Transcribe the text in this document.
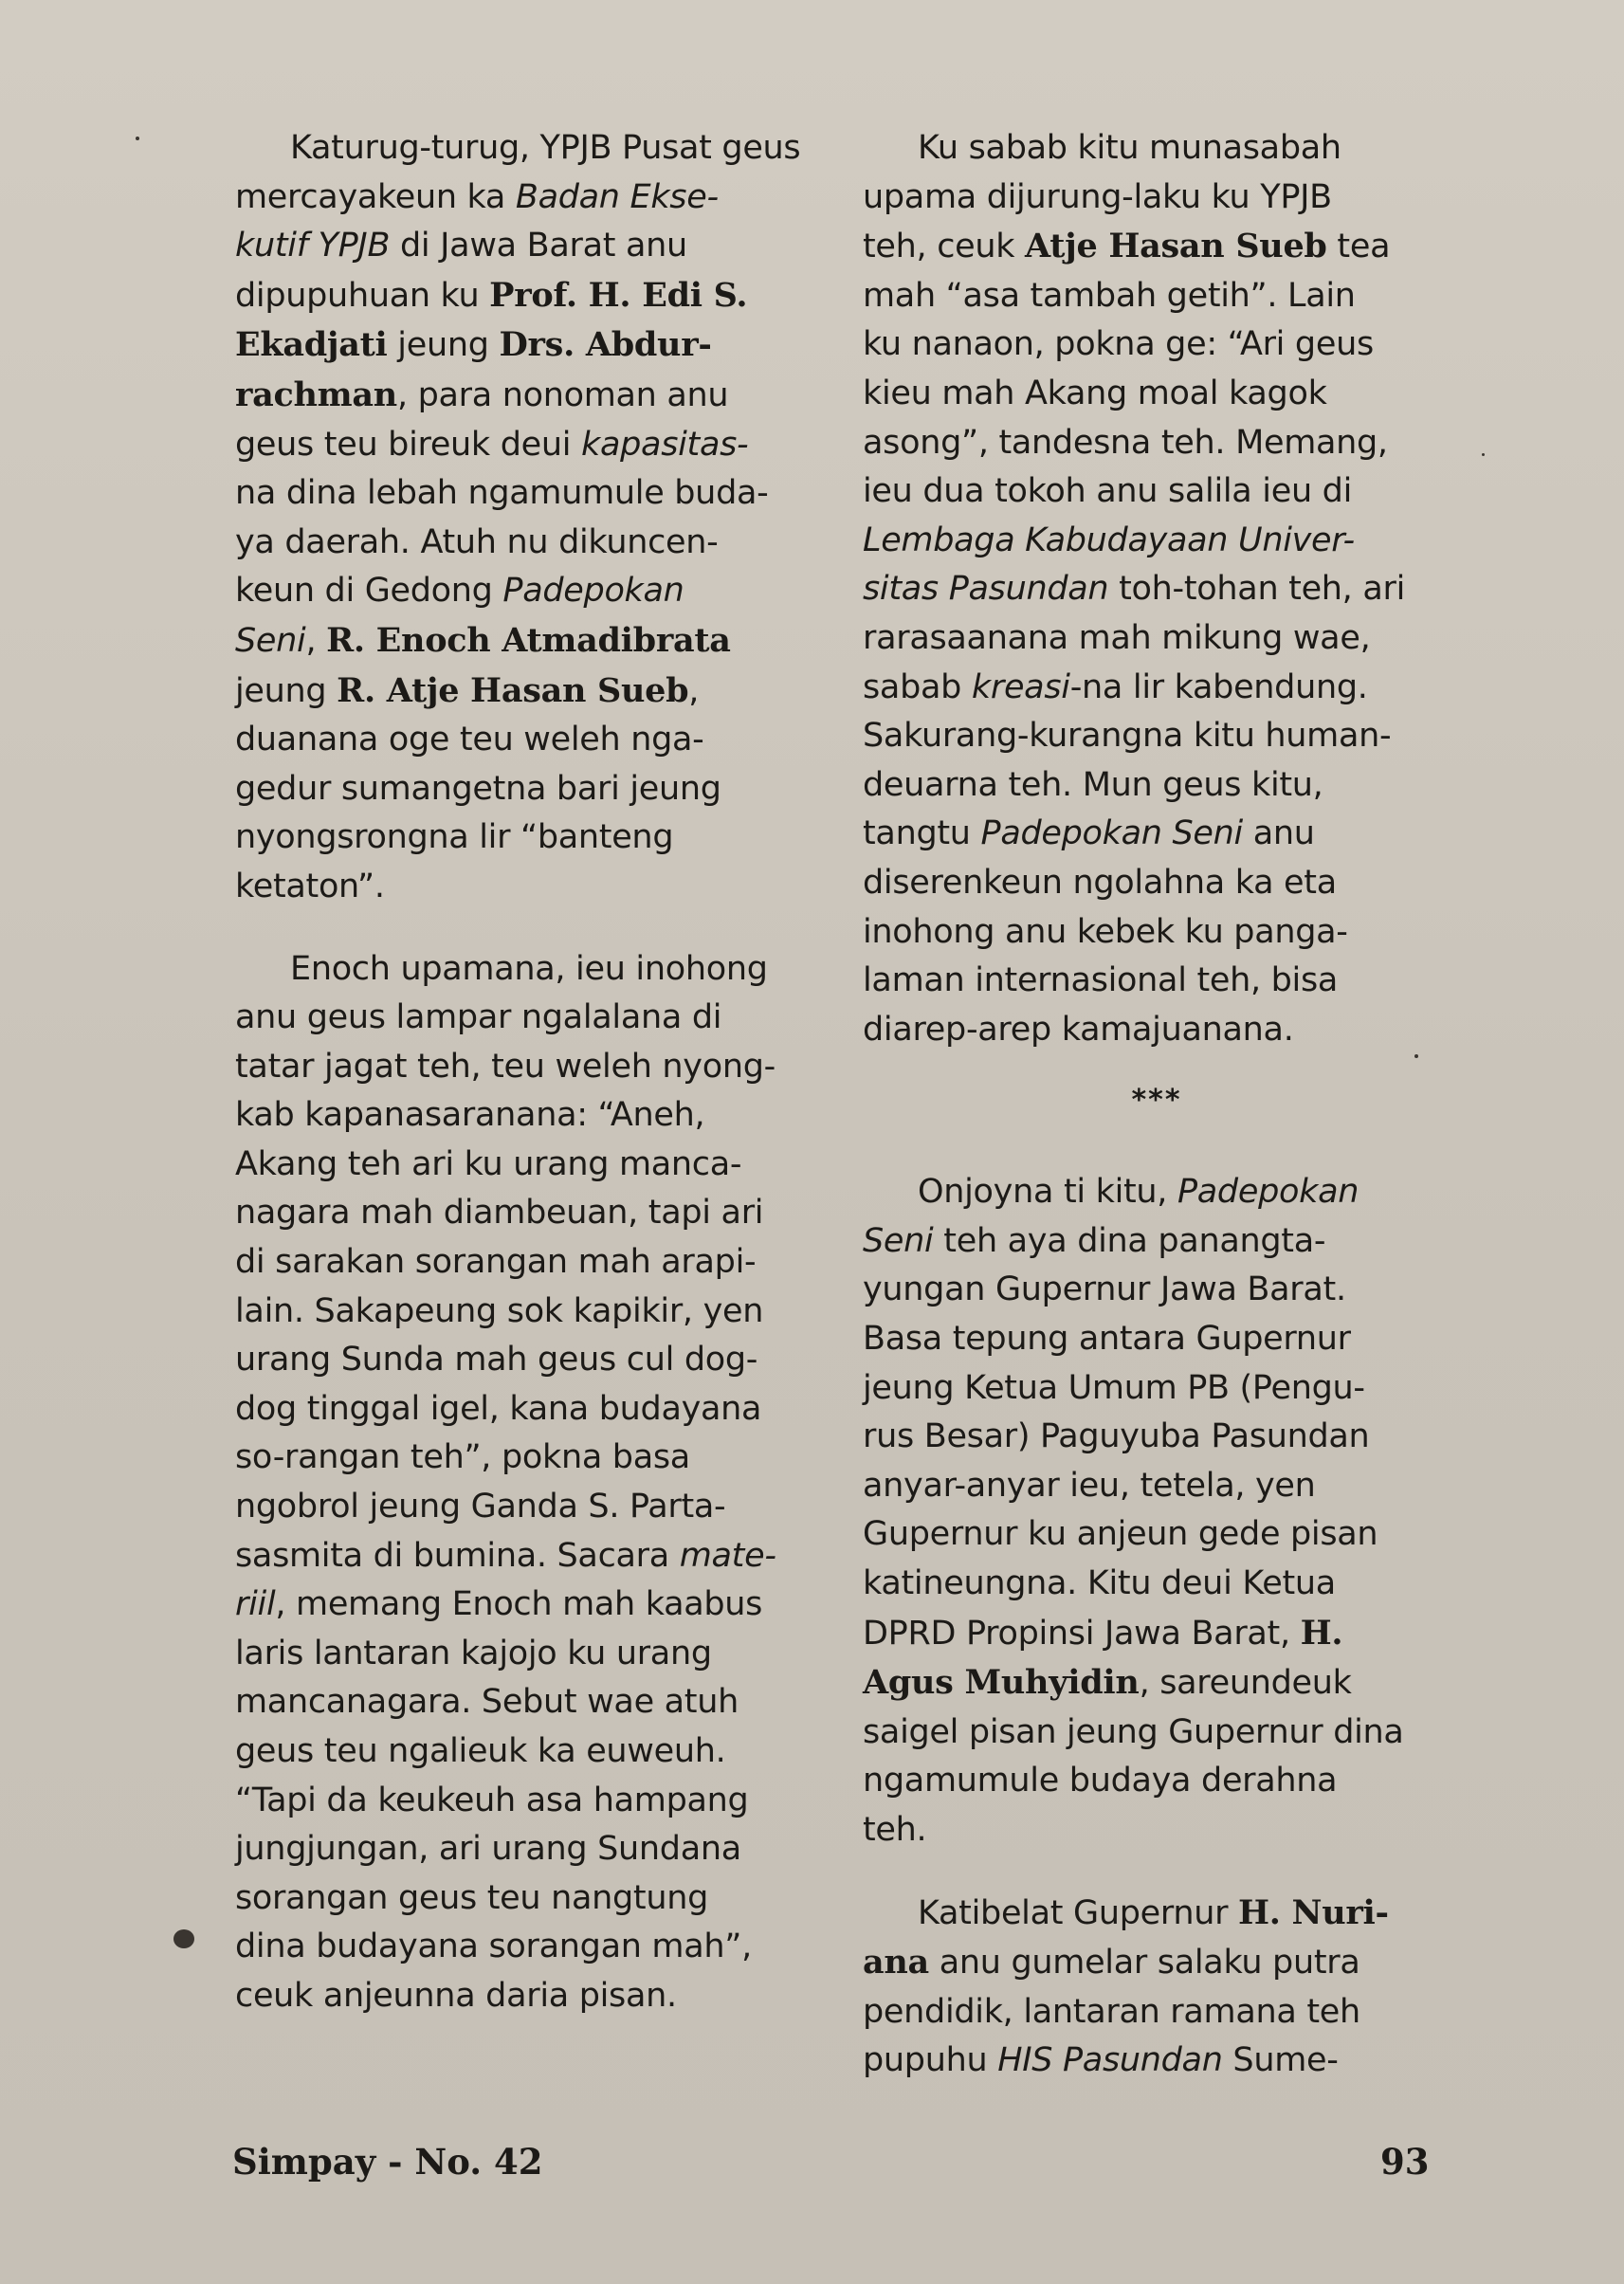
Katurug-turug, YPJB Pusat geus
mercayakeun ka Badan Ekse-
kutif YPJB di Jawa Barat anu
dipupuhuan ku Prof. H. Edi S.
Ekadjati jeung Drs. Abdur-
rachman, para nonoman anu
geus teu bireuk deui kapasitas-
na dina lebah ngamumule buda-
ya daerah. Atuh nu dikuncen-
keun di Gedong Padepokan
Seni, R. Enoch Atmadibrata
jeung R. Atje Hasan Sueb,
duanana oge teu weleh nga-
gedur sumangetna bari jeung
nyongsrongna lir “banteng
ketaton”.
Enoch upamana, ieu inohong
anu geus lampar ngalalana di
tatar jagat teh, teu weleh nyong-
kab kapanasaranana: “Aneh,
Akang teh ari ku urang manca-
nagara mah diambeuan, tapi ari
di sarakan sorangan mah arapi-
lain. Sakapeung sok kapikir, yen
urang Sunda mah geus cul dog-
dog tinggal igel, kana budayana
so-rangan teh”, pokna basa
ngobrol jeung Ganda S. Parta-
sasmita di bumina. Sacara mate-
riil, memang Enoch mah kaabus
laris lantaran kajojo ku urang
mancanagara. Sebut wae atuh
geus teu ngalieuk ka euweuh.
“Tapi da keukeuh asa hampang
jungjungan, ari urang Sundana
sorangan geus teu nangtung
dina budayana sorangan mah”,
ceuk anjeunna daria pisan.
Ku sabab kitu munasabah
upama dijurung-laku ku YPJB
teh, ceuk Atje Hasan Sueb tea
mah “asa tambah getih”. Lain
ku nanaon, pokna ge: “Ari geus
kieu mah Akang moal kagok
asong”, tandesna teh. Memang,
ieu dua tokoh anu salila ieu di
Lembaga Kabudayaan Univer-
sitas Pasundan toh-tohan teh, ari
rarasaanana mah mikung wae,
sabab kreasi-na lir kabendung.
Sakurang-kurangna kitu human-
deuarna teh. Mun geus kitu,
tangtu Padepokan Seni anu
diserenkeun ngolahna ka eta
inohong anu kebek ku panga-
laman internasional teh, bisa
diarep-arep kamajuanana.
***
Onjoyna ti kitu, Padepokan
Seni teh aya dina panangta-
yungan Gupernur Jawa Barat.
Basa tepung antara Gupernur
jeung Ketua Umum PB (Pengu-
rus Besar) Paguyuba Pasundan
anyar-anyar ieu, tetela, yen
Gupernur ku anjeun gede pisan
katineungna. Kitu deui Ketua
DPRD Propinsi Jawa Barat, H.
Agus Muhyidin, sareundeuk
saigel pisan jeung Gupernur dina
ngamumule budaya derahna
teh.
Katibelat Gupernur H. Nuri-
ana anu gumelar salaku putra
pendidik, lantaran ramana teh
pupuhu HIS Pasundan Sume-
Simpay - No. 42	93
